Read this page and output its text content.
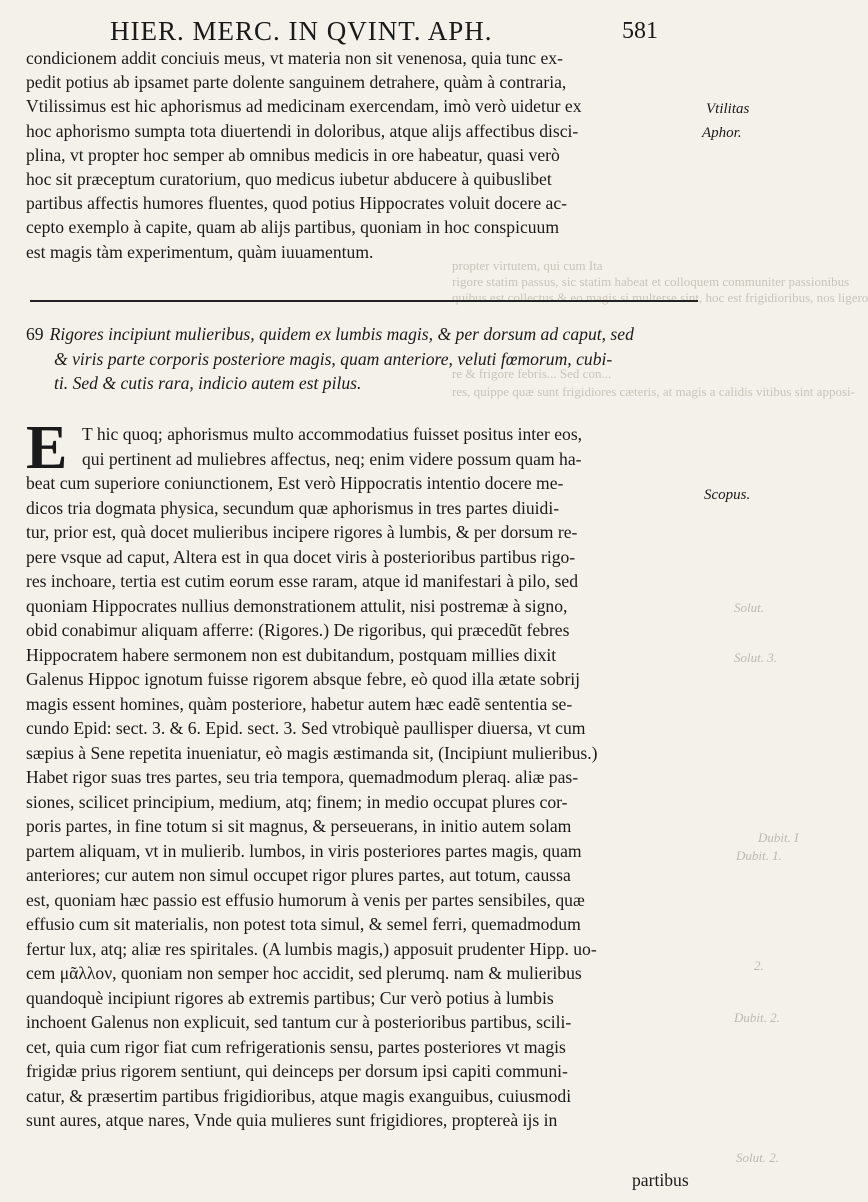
HIER. MERC. IN QVINT. APH.	581
condicionem addit conciuis meus, vt materia non sit venenosa, quia tunc ex-
pedit potius ab ipsamet parte dolente sanguinem detrahere, quàm à contraria,
Vtilissimus est hic aphorismus ad medicinam exercendam, imò verò uidetur ex
hoc aphorismo sumpta tota diuertendi in doloribus, atque alijs affectibus disci-
plina, vt propter hoc semper ab omnibus medicis in ore habeatur, quasi verò
hoc sit præceptum curatorium, quo medicus iubetur abducere à quibuslibet
partibus affectis humores fluentes, quod potius Hippocrates voluit docere ac-
cepto exemplo à capite, quam ab alijs partibus, quoniam in hoc conspicuum
est magis tàm experimentum, quàm iuuamentum.
propter virtutem, qui cum Ita
rigore statim passus, sic statim habeat et colloquem communiter passionibus
quibus est collectus & eo magis si multerse sint, hoc est frigidioribus, nos ligero
re & frigore febris... Sed con...
res, quippe quæ sunt frigidiores cæteris, at magis a calidis vitibus sint apposi-
69 Rigores incipiunt mulieribus, quidem ex lumbis magis, & per dorsum ad caput, sed
& viris parte corporis posteriore magis, quam anteriore, veluti fœmorum, cubi-
ti. Sed & cutis rara, indicio autem est pilus.
E T hic quoq; aphorismus multo accommodatius fuisset positus inter eos,
qui pertinent ad muliebres affectus, neq; enim videre possum quam ha-
beat cum superiore coniunctionem, Est verò Hippocratis intentio docere me-
dicos tria dogmata physica, secundum quæ aphorismus in tres partes diuidi-
tur, prior est, quà docet mulieribus incipere rigores à lumbis, & per dorsum re-
pere vsque ad caput, Altera est in qua docet viris à posterioribus partibus rigo-
res inchoare, tertia est cutim eorum esse raram, atque id manifestari à pilo, sed
quoniam Hippocrates nullius demonstrationem attulit, nisi postremæ à signo,
obid conabimur aliquam afferre: (Rigores.) De rigoribus, qui præcedũt febres
Hippocratem habere sermonem non est dubitandum, postquam millies dixit
Galenus Hippoc ignotum fuisse rigorem absque febre, eò quod illa ætate sobrij
magis essent homines, quàm posteriore, habetur autem hæc eadẽ sententia se-
cundo Epid: sect. 3. & 6. Epid. sect. 3. Sed vtrobiquè paullisper diuersa, vt cum
sæpius à Sene repetita inueniatur, eò magis æstimanda sit, (Incipiunt mulieribus.)
Habet rigor suas tres partes, seu tria tempora, quemadmodum pleraq. aliæ pas-
siones, scilicet principium, medium, atq; finem; in medio occupat plures cor-
poris partes, in fine totum si sit magnus, & perseuerans, in initio autem solam
partem aliquam, vt in mulierib. lumbos, in viris posteriores partes magis, quam
anteriores; cur autem non simul occupet rigor plures partes, aut totum, caussa
est, quoniam hæc passio est effusio humorum à venis per partes sensibiles, quæ
effusio cum sit materialis, non potest tota simul, & semel ferri, quemadmodum
fertur lux, atq; aliæ res spiritales. (A lumbis magis,) apposuit prudenter Hipp. uo-
cem μᾶλλον, quoniam non semper hoc accidit, sed plerumq. nam & mulieribus
quandoquè incipiunt rigores ab extremis partibus; Cur verò potius à lumbis
inchoent Galenus non explicuit, sed tantum cur à posterioribus partibus, scili-
cet, quia cum rigor fiat cum refrigerationis sensu, partes posteriores vt magis
frigidæ prius rigorem sentiunt, qui deinceps per dorsum ipsi capiti communi-
catur, & præsertim partibus frigidioribus, atque magis exanguibus, cuiusmodi
sunt aures, atque nares, Vnde quia mulieres sunt frigidiores, proptereà ijs in
partibus
Vtilitas
Aphor.
Scopus.
Solut.
Solut. 3.
Dubit. I
Dubit. 1.
2.
Dubit. 2.
Solut. 2.
